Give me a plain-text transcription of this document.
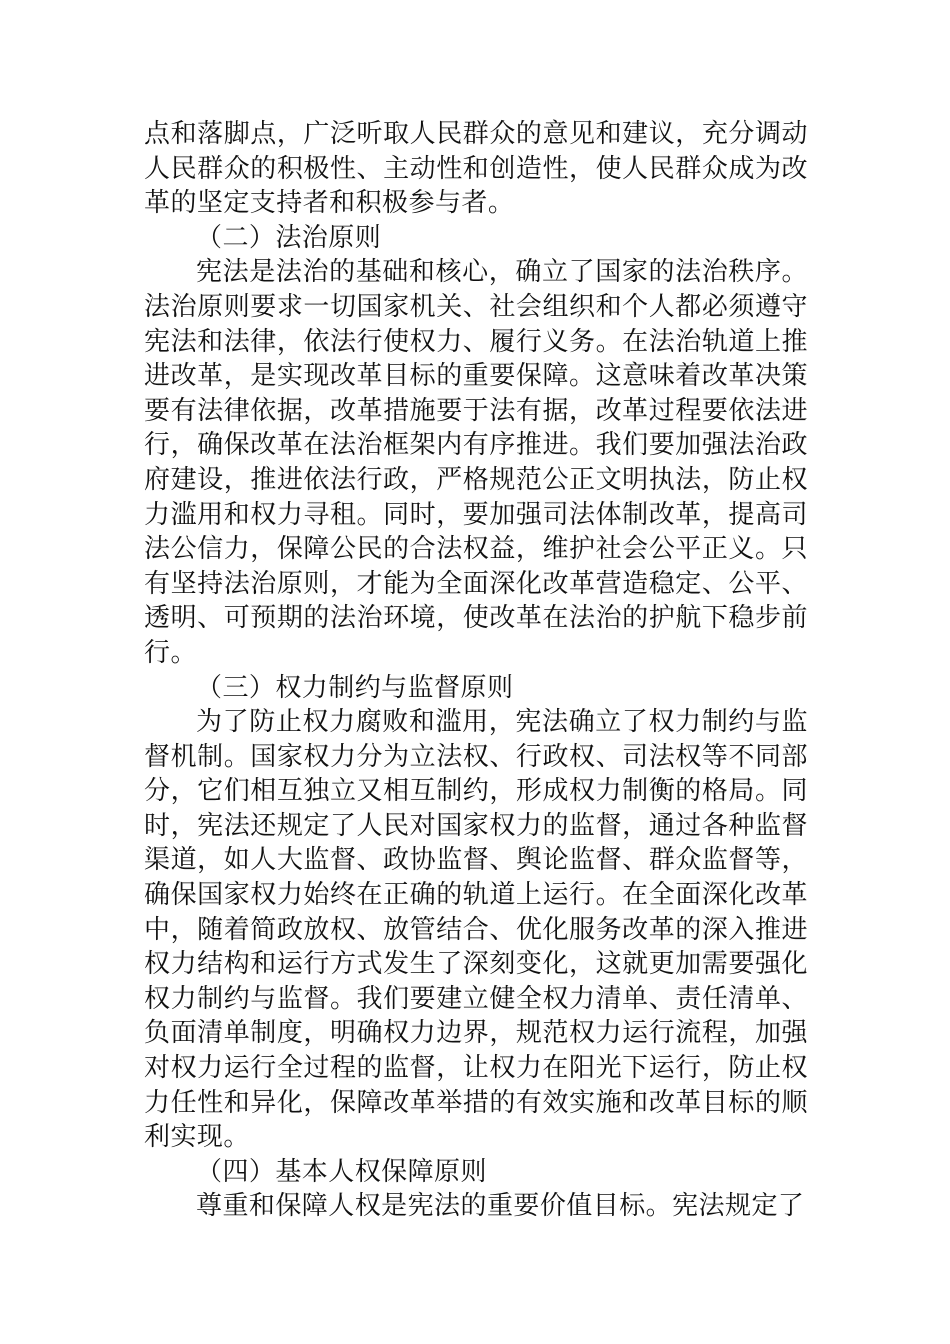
点和落脚点，广泛听取人民群众的意见和建议，充分调动人民群众的积极性、主动性和创造性，使人民群众成为改革的坚定支持者和积极参与者。

（二）法治原则

宪法是法治的基础和核心，确立了国家的法治秩序。法治原则要求一切国家机关、社会组织和个人都必须遵守宪法和法律，依法行使权力、履行义务。在法治轨道上推进改革，是实现改革目标的重要保障。这意味着改革决策要有法律依据，改革措施要于法有据，改革过程要依法进行，确保改革在法治框架内有序推进。我们要加强法治政府建设，推进依法行政，严格规范公正文明执法，防止权力滥用和权力寻租。同时，要加强司法体制改革，提高司法公信力，保障公民的合法权益，维护社会公平正义。只有坚持法治原则，才能为全面深化改革营造稳定、公平、透明、可预期的法治环境，使改革在法治的护航下稳步前行。

（三）权力制约与监督原则

为了防止权力腐败和滥用，宪法确立了权力制约与监督机制。国家权力分为立法权、行政权、司法权等不同部分，它们相互独立又相互制约，形成权力制衡的格局。同时，宪法还规定了人民对国家权力的监督，通过各种监督渠道，如人大监督、政协监督、舆论监督、群众监督等，确保国家权力始终在正确的轨道上运行。在全面深化改革中，随着简政放权、放管结合、优化服务改革的深入推进权力结构和运行方式发生了深刻变化，这就更加需要强化权力制约与监督。我们要建立健全权力清单、责任清单、负面清单制度，明确权力边界，规范权力运行流程，加强对权力运行全过程的监督，让权力在阳光下运行，防止权力任性和异化，保障改革举措的有效实施和改革目标的顺利实现。

（四）基本人权保障原则

尊重和保障人权是宪法的重要价值目标。宪法规定了
